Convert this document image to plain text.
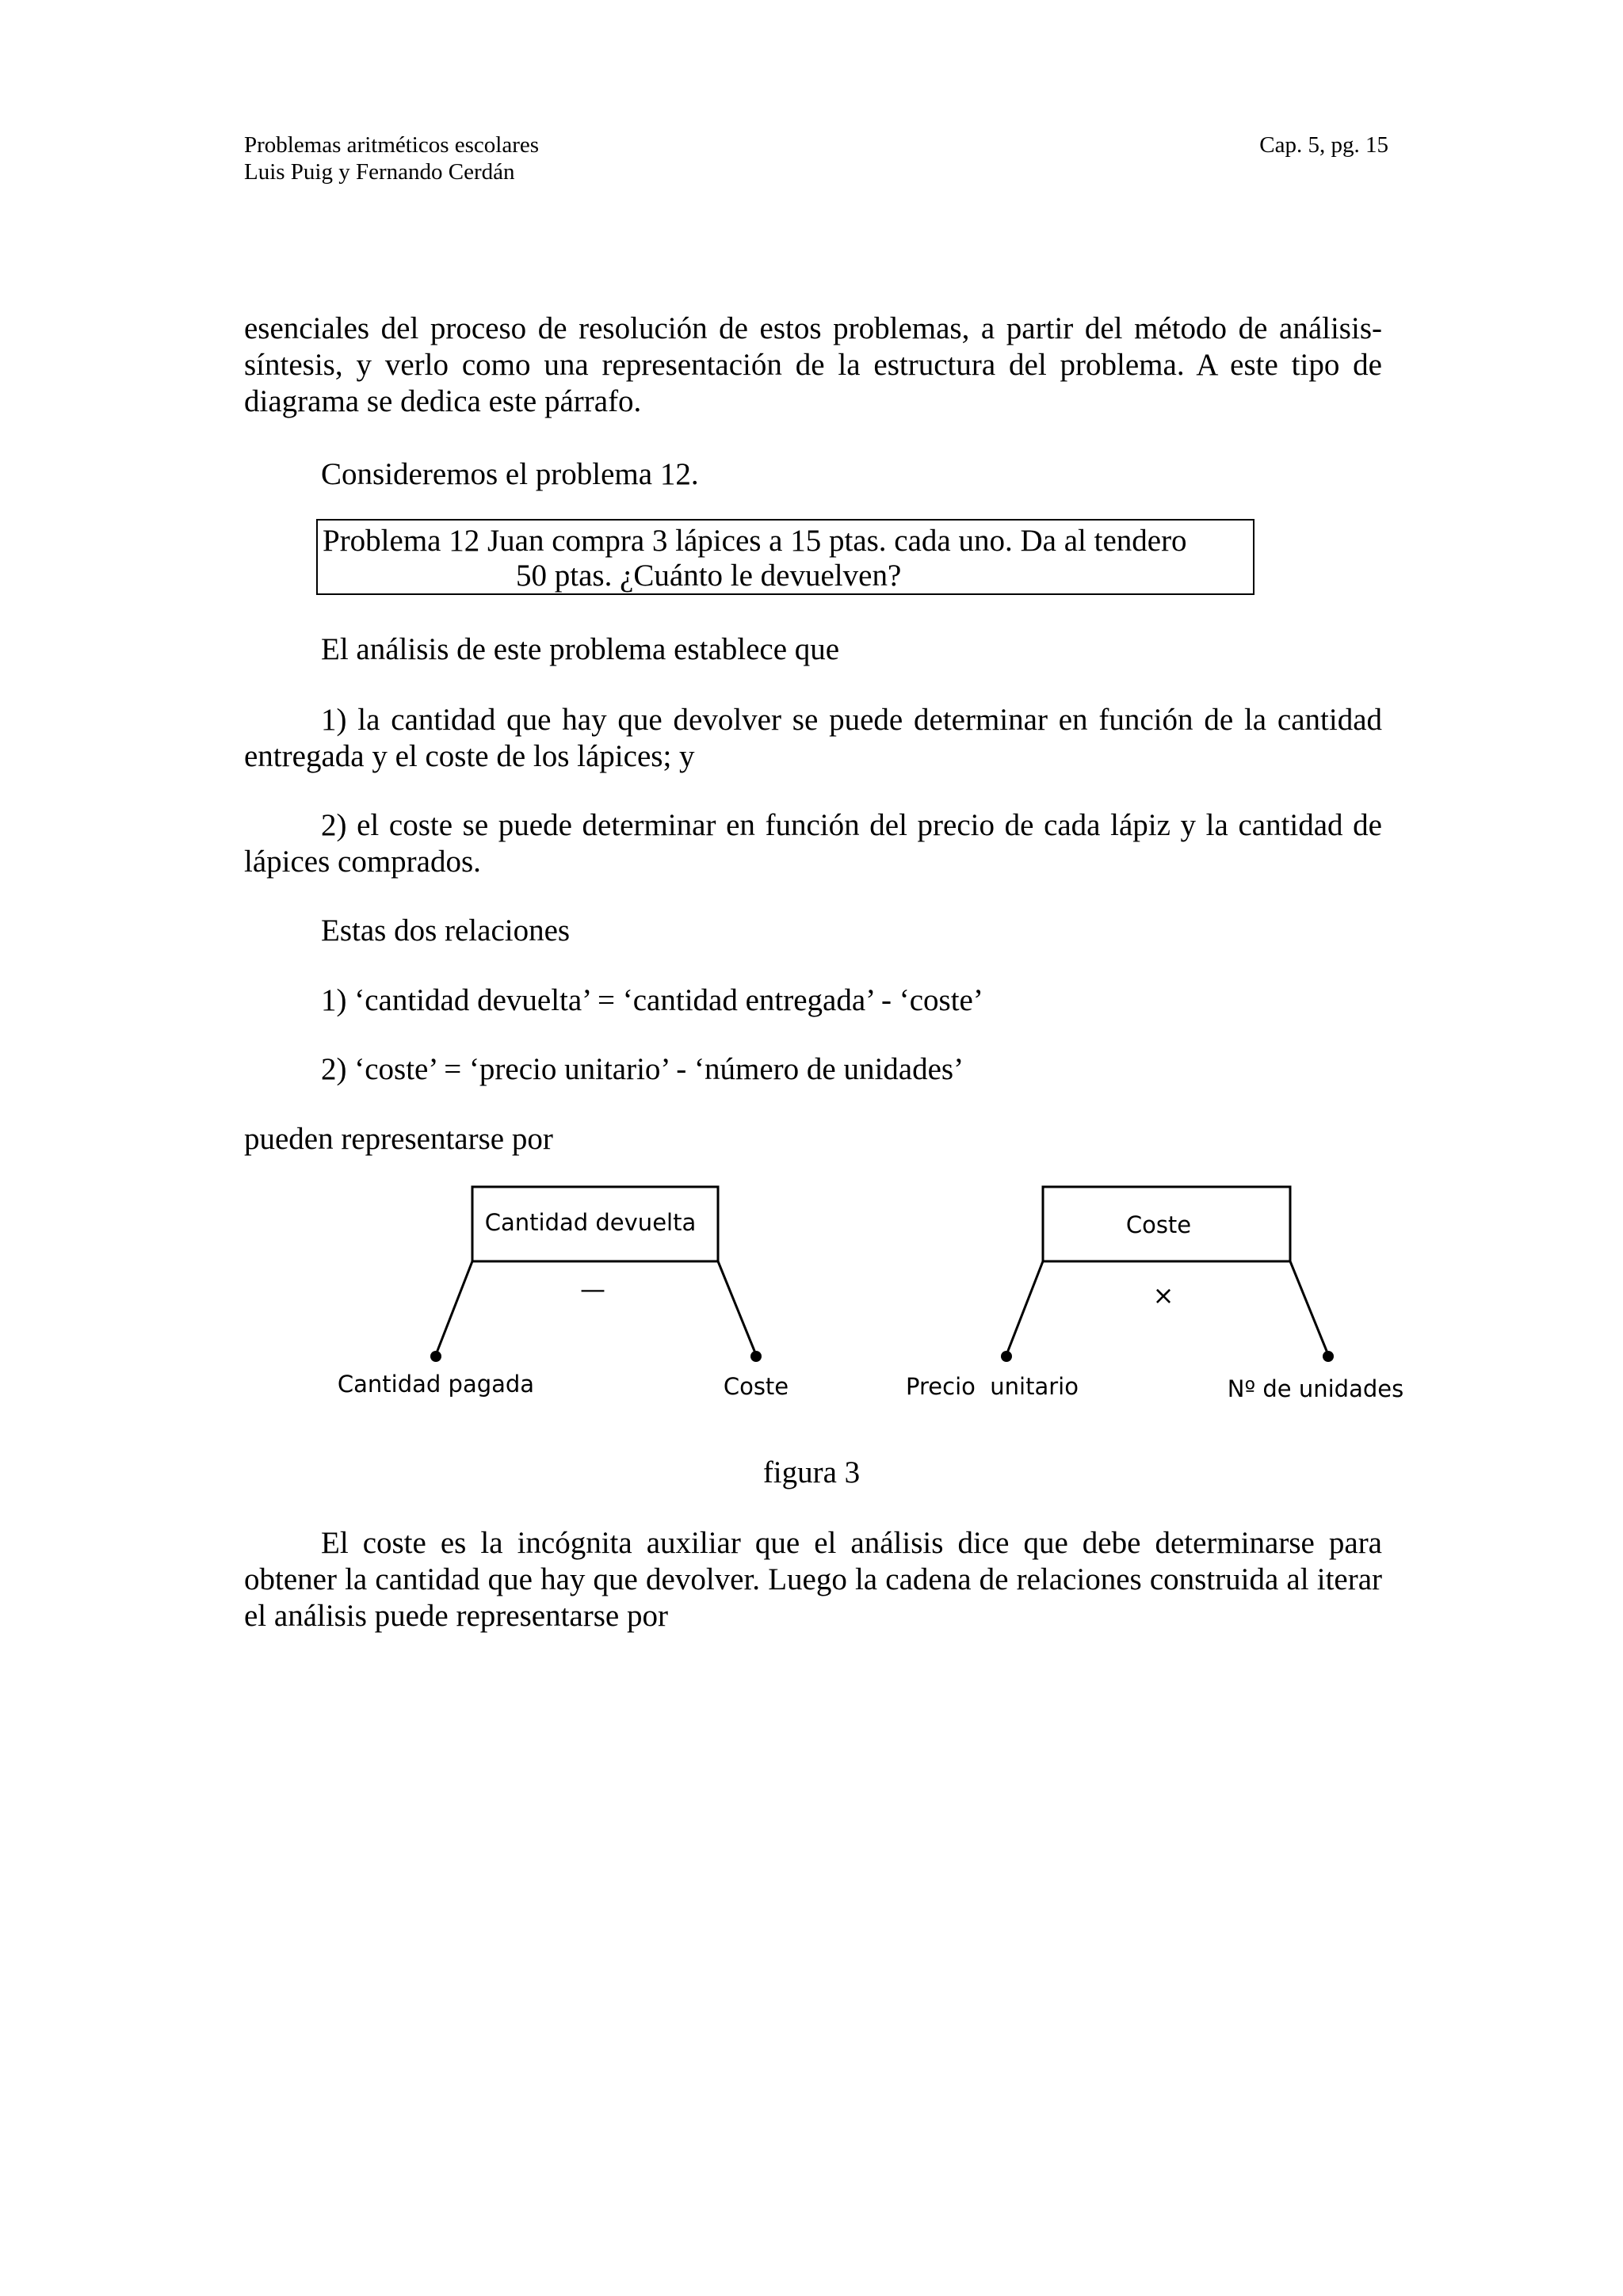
Problemas aritméticos escolares
Luis Puig y Fernando Cerdán
Cap. 5, pg. 15
esenciales del proceso de resolución de estos problemas, a partir del método de análisis-síntesis, y verlo como una representación de la estructura del problema. A este tipo de diagrama se dedica este párrafo.
Consideremos el problema 12.
Problema 12 Juan compra 3 lápices a 15 ptas. cada uno. Da al tendero
50 ptas. ¿Cuánto le devuelven?
El análisis de este problema establece que
1) la cantidad que hay que devolver se puede determinar en función de la cantidad entregada y el coste de los lápices; y
2) el coste se puede determinar en función del precio de cada lápiz y la cantidad de lápices comprados.
Estas dos relaciones
1) ‘cantidad devuelta’ = ‘cantidad entregada’ - ‘coste’
2) ‘coste’ = ‘precio unitario’ - ‘número de unidades’
pueden representarse por
Cantidad devuelta
—
Cantidad pagada	Coste
Coste
×
Precio  unitario	Nº de unidades
figura 3
El coste es la incógnita auxiliar que el análisis dice que debe determinarse para obtener la cantidad que hay que devolver. Luego la cadena de relaciones construida al iterar el análisis puede representarse por
